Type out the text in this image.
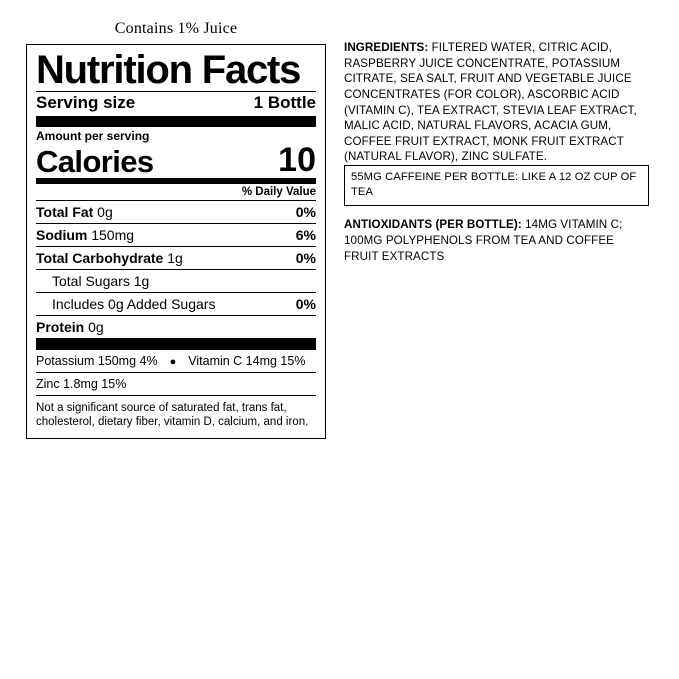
Contains 1% Juice
Nutrition Facts
Serving size	1 Bottle
Amount per serving
Calories	10
% Daily Value
Total Fat 0g	0%
Sodium 150mg	6%
Total Carbohydrate 1g	0%
Total Sugars 1g
Includes 0g Added Sugars	0%
Protein 0g
Potassium 150mg 4%	● Vitamin C 14mg 15%
Zinc 1.8mg 15%
Not a significant source of saturated fat, trans fat, cholesterol, dietary fiber, vitamin D, calcium, and iron.

INGREDIENTS: FILTERED WATER, CITRIC ACID, RASPBERRY JUICE CONCENTRATE, POTASSIUM CITRATE, SEA SALT, FRUIT AND VEGETABLE JUICE CONCENTRATES (FOR COLOR), ASCORBIC ACID (VITAMIN C), TEA EXTRACT, STEVIA LEAF EXTRACT, MALIC ACID, NATURAL FLAVORS, ACACIA GUM, COFFEE FRUIT EXTRACT, MONK FRUIT EXTRACT (NATURAL FLAVOR), ZINC SULFATE.

55MG CAFFEINE PER BOTTLE: LIKE A 12 OZ CUP OF TEA

ANTIOXIDANTS (PER BOTTLE): 14MG VITAMIN C; 100MG POLYPHENOLS FROM TEA AND COFFEE FRUIT EXTRACTS
